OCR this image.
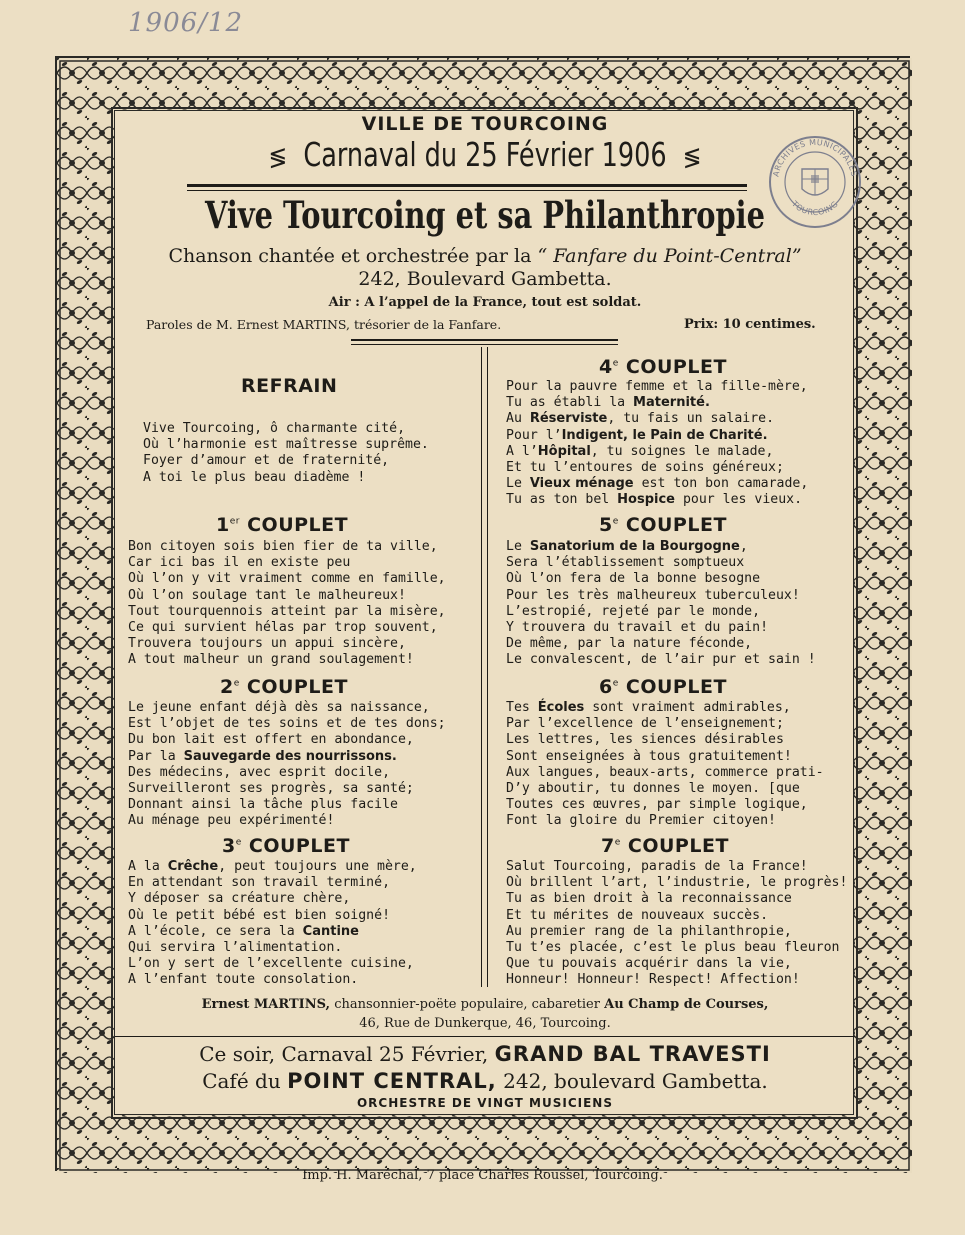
1906/12
VILLE DE TOURCOING
≶ Carnaval du 25 Février 1906 ≶
Vive Tourcoing et sa Philanthropie
Chanson chantée et orchestrée par la “ Fanfare du Point-Central”
242, Boulevard Gambetta.
Air : A l’appel de la France, tout est soldat.
Paroles de M. Ernest MARTINS, trésorier de la Fanfare.	Prix: 10 centimes.
REFRAIN
Vive Tourcoing, ô charmante cité,
Où l’harmonie est maîtresse suprême.
Foyer d’amour et de fraternité,
A toi le plus beau diadème !
1er COUPLET
Bon citoyen sois bien fier de ta ville,
Car ici bas il en existe peu
Où l’on y vit vraiment comme en famille,
Où l’on soulage tant le malheureux!
Tout tourquennois atteint par la misère,
Ce qui survient hélas par trop souvent,
Trouvera toujours un appui sincère,
A tout malheur un grand soulagement!
2e COUPLET
Le jeune enfant déjà dès sa naissance,
Est l’objet de tes soins et de tes dons;
Du bon lait est offert en abondance,
Par la Sauvegarde des nourrissons.
Des médecins, avec esprit docile,
Surveilleront ses progrès, sa santé;
Donnant ainsi la tâche plus facile
Au ménage peu expérimenté!
3e COUPLET
A la Crêche, peut toujours une mère,
En attendant son travail terminé,
Y déposer sa créature chère,
Où le petit bébé est bien soigné!
A l’école, ce sera la Cantine
Qui servira l’alimentation.
L’on y sert de l’excellente cuisine,
A l’enfant toute consolation.
4e COUPLET
Pour la pauvre femme et la fille-mère,
Tu as établi la Maternité.
Au Réserviste, tu fais un salaire.
Pour l’Indigent, le Pain de Charité.
A l’Hôpital, tu soignes le malade,
Et tu l’entoures de soins généreux;
Le Vieux ménage est ton bon camarade,
Tu as ton bel Hospice pour les vieux.
5e COUPLET
Le Sanatorium de la Bourgogne,
Sera l’établissement somptueux
Où l’on fera de la bonne besogne
Pour les très malheureux tuberculeux!
L’estropié, rejeté par le monde,
Y trouvera du travail et du pain!
De même, par la nature féconde,
Le convalescent, de l’air pur et sain !
6e COUPLET
Tes Écoles sont vraiment admirables,
Par l’excellence de l’enseignement;
Les lettres, les siences désirables
Sont enseignées à tous gratuitement!
Aux langues, beaux-arts, commerce prati-
D’y aboutir, tu donnes le moyen. [que
Toutes ces œuvres, par simple logique,
Font la gloire du Premier citoyen!
7e COUPLET
Salut Tourcoing, paradis de la France!
Où brillent l’art, l’industrie, le progrès!
Tu as bien droit à la reconnaissance
Et tu mérites de nouveaux succès.
Au premier rang de la philanthropie,
Tu t’es placée, c’est le plus beau fleuron
Que tu pouvais acquérir dans la vie,
Honneur! Honneur! Respect! Affection!
Ernest MARTINS, chansonnier-poëte populaire, cabaretier Au Champ de Courses,
46, Rue de Dunkerque, 46, Tourcoing.
Ce soir, Carnaval 25 Février, GRAND BAL TRAVESTI
Café du POINT CENTRAL, 242, boulevard Gambetta.
ORCHESTRE DE VINGT MUSICIENS
ARCHIVES MUNICIPALES
TOURCOING
Imp. H. Maréchal, 7 place Charles Roussel, Tourcoing.
